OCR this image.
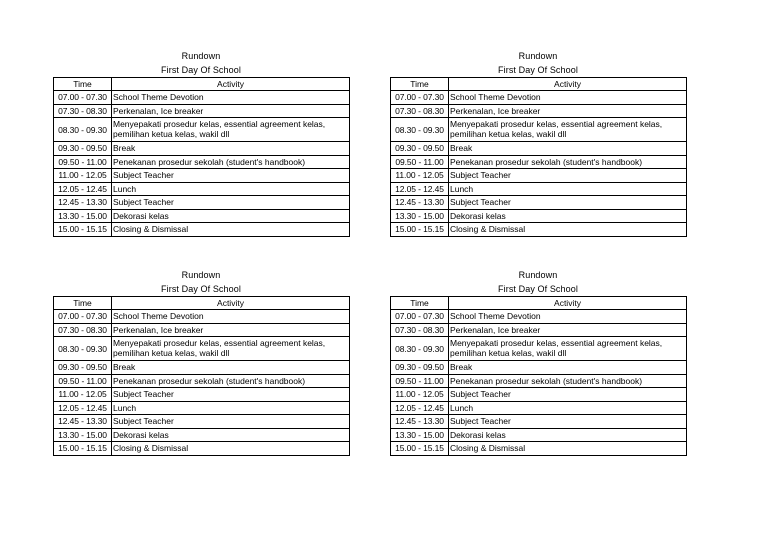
Rundown
First Day Of School
Time	Activity
07.00 - 07.30	School Theme Devotion
07.30 - 08.30	Perkenalan, Ice breaker
08.30 - 09.30	Menyepakati prosedur kelas, essential agreement kelas, pemilihan ketua kelas, wakil dll
09.30 - 09.50	Break
09.50 - 11.00	Penekanan prosedur sekolah (student's handbook)
11.00 - 12.05	Subject Teacher
12.05 - 12.45	Lunch
12.45 - 13.30	Subject Teacher
13.30 - 15.00	Dekorasi kelas
15.00 - 15.15	Closing & Dismissal
Rundown
First Day Of School
Time	Activity
07.00 - 07.30	School Theme Devotion
07.30 - 08.30	Perkenalan, Ice breaker
08.30 - 09.30	Menyepakati prosedur kelas, essential agreement kelas, pemilihan ketua kelas, wakil dll
09.30 - 09.50	Break
09.50 - 11.00	Penekanan prosedur sekolah (student's handbook)
11.00 - 12.05	Subject Teacher
12.05 - 12.45	Lunch
12.45 - 13.30	Subject Teacher
13.30 - 15.00	Dekorasi kelas
15.00 - 15.15	Closing & Dismissal
Rundown
First Day Of School
Time	Activity
07.00 - 07.30	School Theme Devotion
07.30 - 08.30	Perkenalan, Ice breaker
08.30 - 09.30	Menyepakati prosedur kelas, essential agreement kelas, pemilihan ketua kelas, wakil dll
09.30 - 09.50	Break
09.50 - 11.00	Penekanan prosedur sekolah (student's handbook)
11.00 - 12.05	Subject Teacher
12.05 - 12.45	Lunch
12.45 - 13.30	Subject Teacher
13.30 - 15.00	Dekorasi kelas
15.00 - 15.15	Closing & Dismissal
Rundown
First Day Of School
Time	Activity
07.00 - 07.30	School Theme Devotion
07.30 - 08.30	Perkenalan, Ice breaker
08.30 - 09.30	Menyepakati prosedur kelas, essential agreement kelas, pemilihan ketua kelas, wakil dll
09.30 - 09.50	Break
09.50 - 11.00	Penekanan prosedur sekolah (student's handbook)
11.00 - 12.05	Subject Teacher
12.05 - 12.45	Lunch
12.45 - 13.30	Subject Teacher
13.30 - 15.00	Dekorasi kelas
15.00 - 15.15	Closing & Dismissal
